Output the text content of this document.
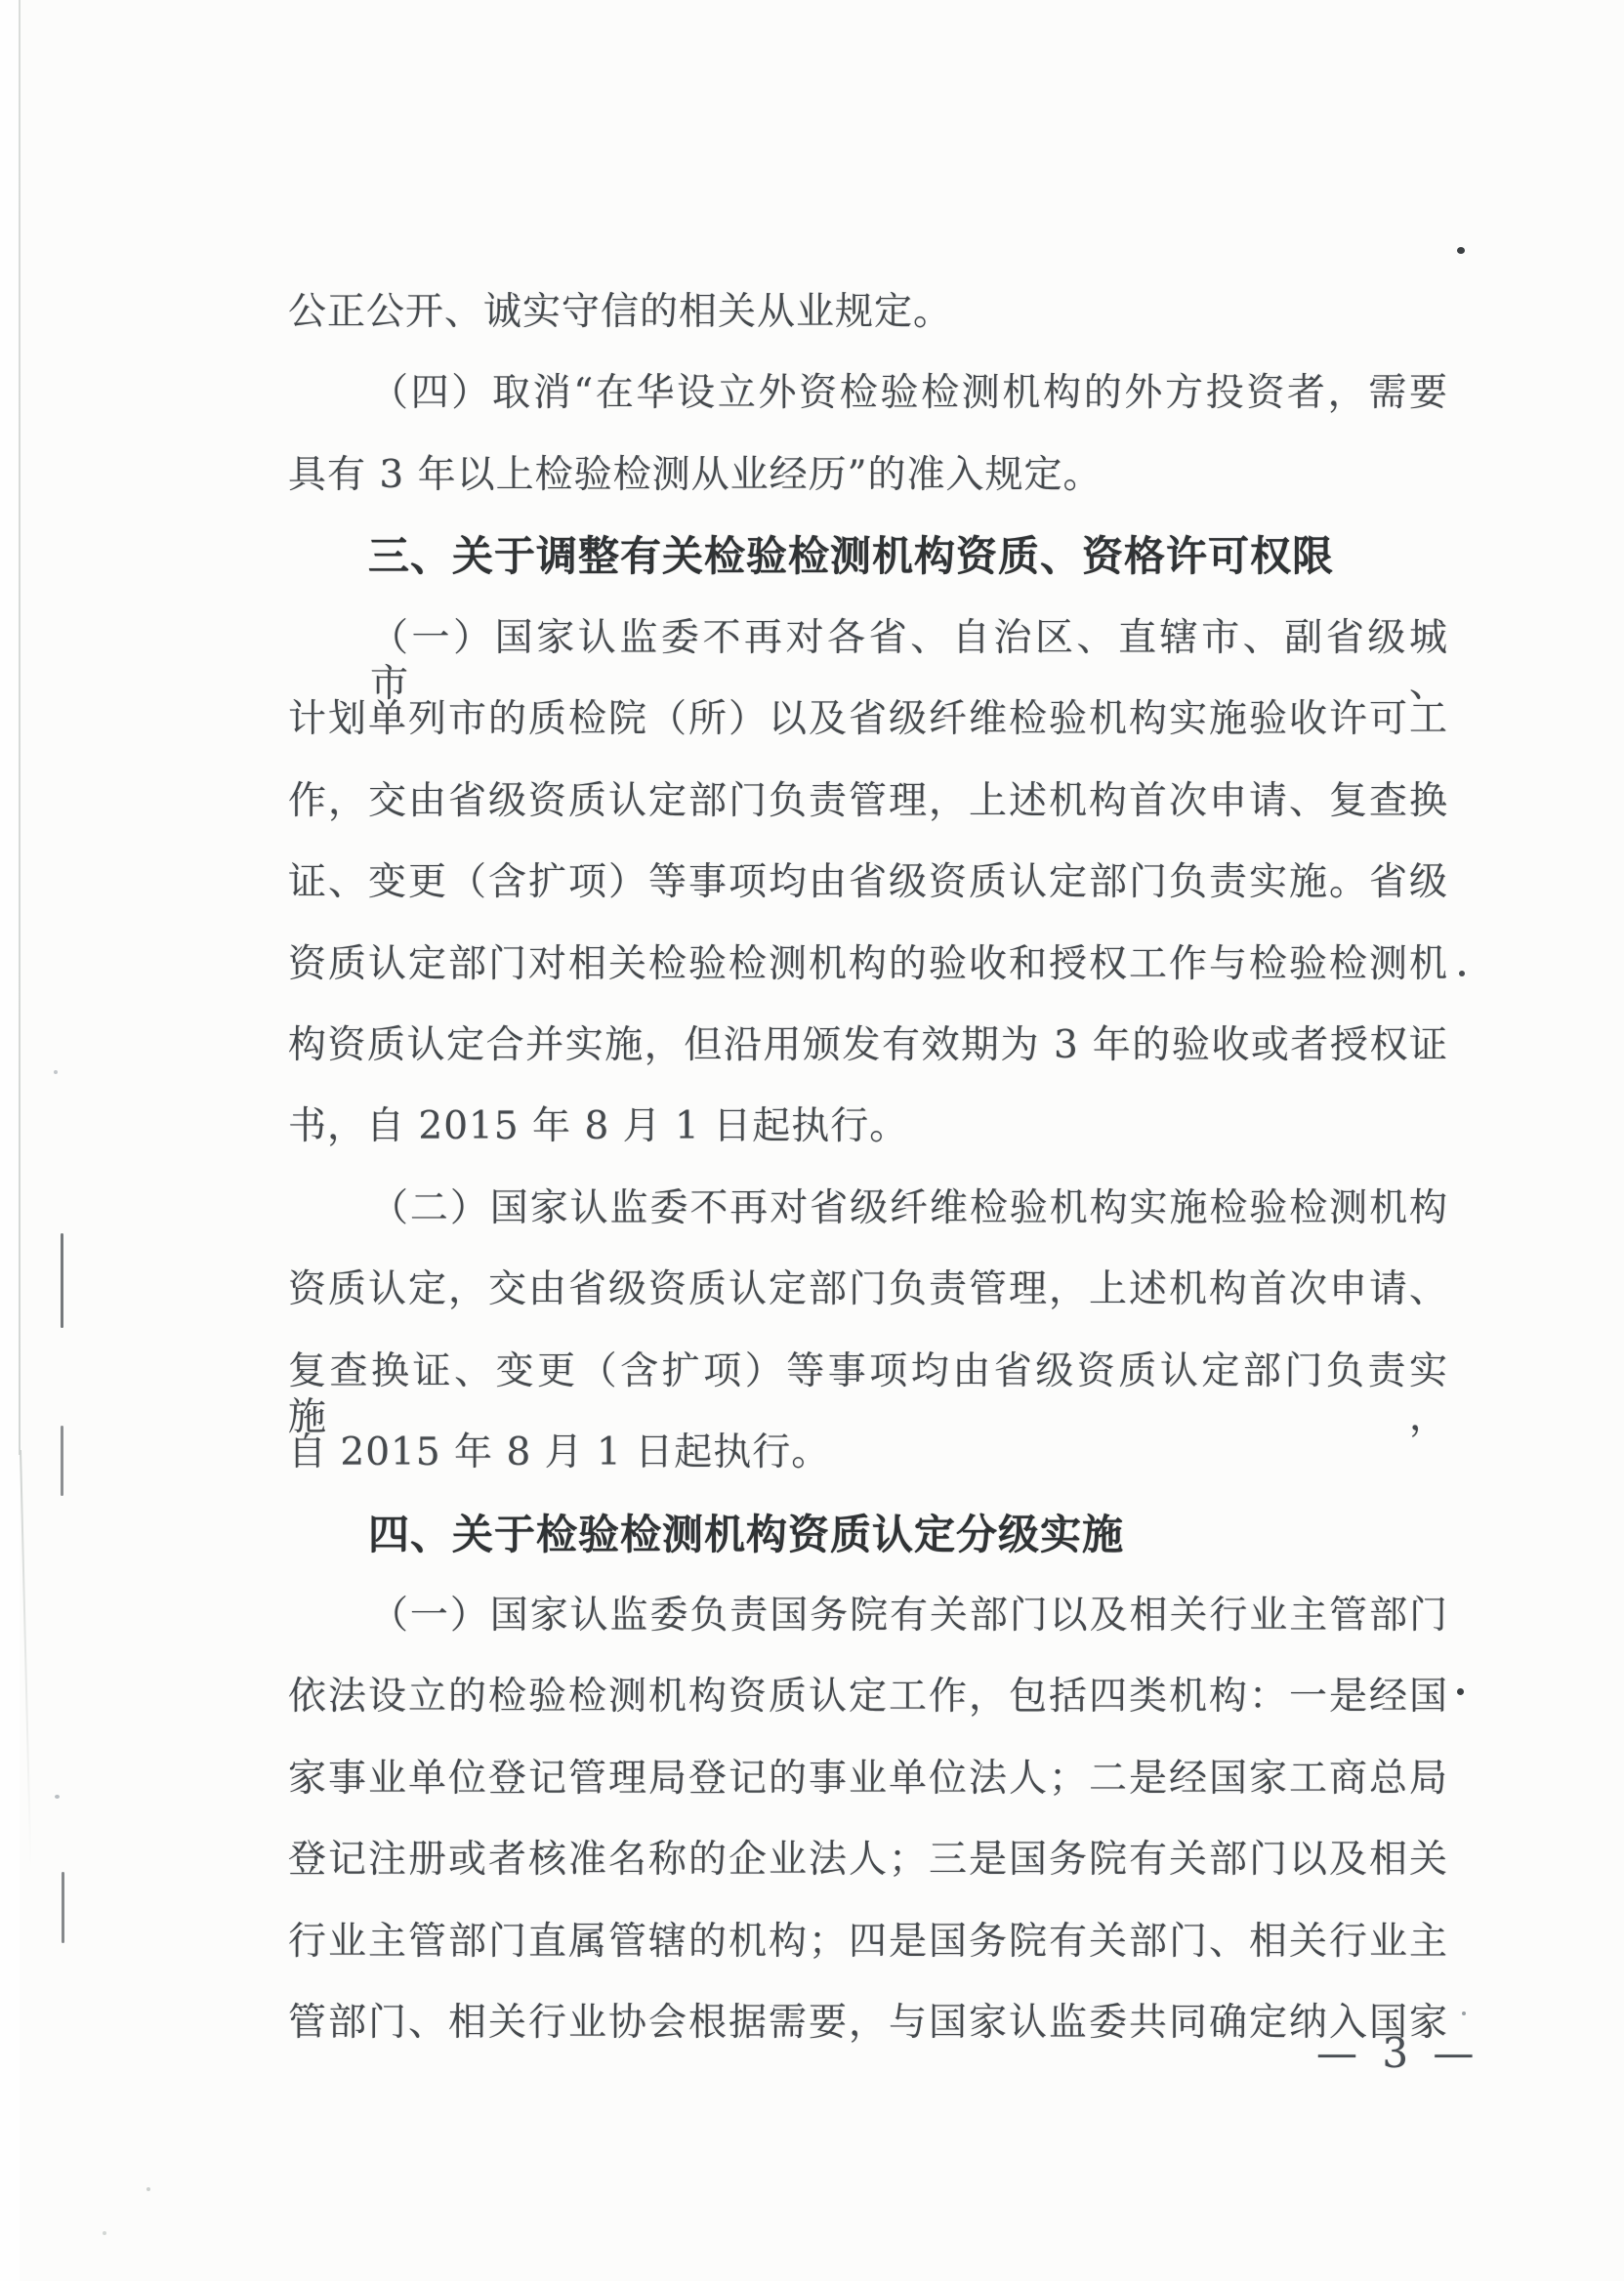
公正公开、诚实守信的相关从业规定。
（四）取消“在华设立外资检验检测机构的外方投资者，需要
具有 3 年以上检验检测从业经历”的准入规定。
三、关于调整有关检验检测机构资质、资格许可权限
（一）国家认监委不再对各省、自治区、直辖市、副省级城市、
计划单列市的质检院（所）以及省级纤维检验机构实施验收许可工
作，交由省级资质认定部门负责管理，上述机构首次申请、复查换
证、变更（含扩项）等事项均由省级资质认定部门负责实施。省级
资质认定部门对相关检验检测机构的验收和授权工作与检验检测机
构资质认定合并实施，但沿用颁发有效期为 3 年的验收或者授权证
书，自 2015 年 8 月 1 日起执行。
（二）国家认监委不再对省级纤维检验机构实施检验检测机构
资质认定，交由省级资质认定部门负责管理，上述机构首次申请、
复查换证、变更（含扩项）等事项均由省级资质认定部门负责实施，
自 2015 年 8 月 1 日起执行。
四、关于检验检测机构资质认定分级实施
（一）国家认监委负责国务院有关部门以及相关行业主管部门
依法设立的检验检测机构资质认定工作，包括四类机构：一是经国
家事业单位登记管理局登记的事业单位法人；二是经国家工商总局
登记注册或者核准名称的企业法人；三是国务院有关部门以及相关
行业主管部门直属管辖的机构；四是国务院有关部门、相关行业主
管部门、相关行业协会根据需要，与国家认监委共同确定纳入国家
— 3 —
